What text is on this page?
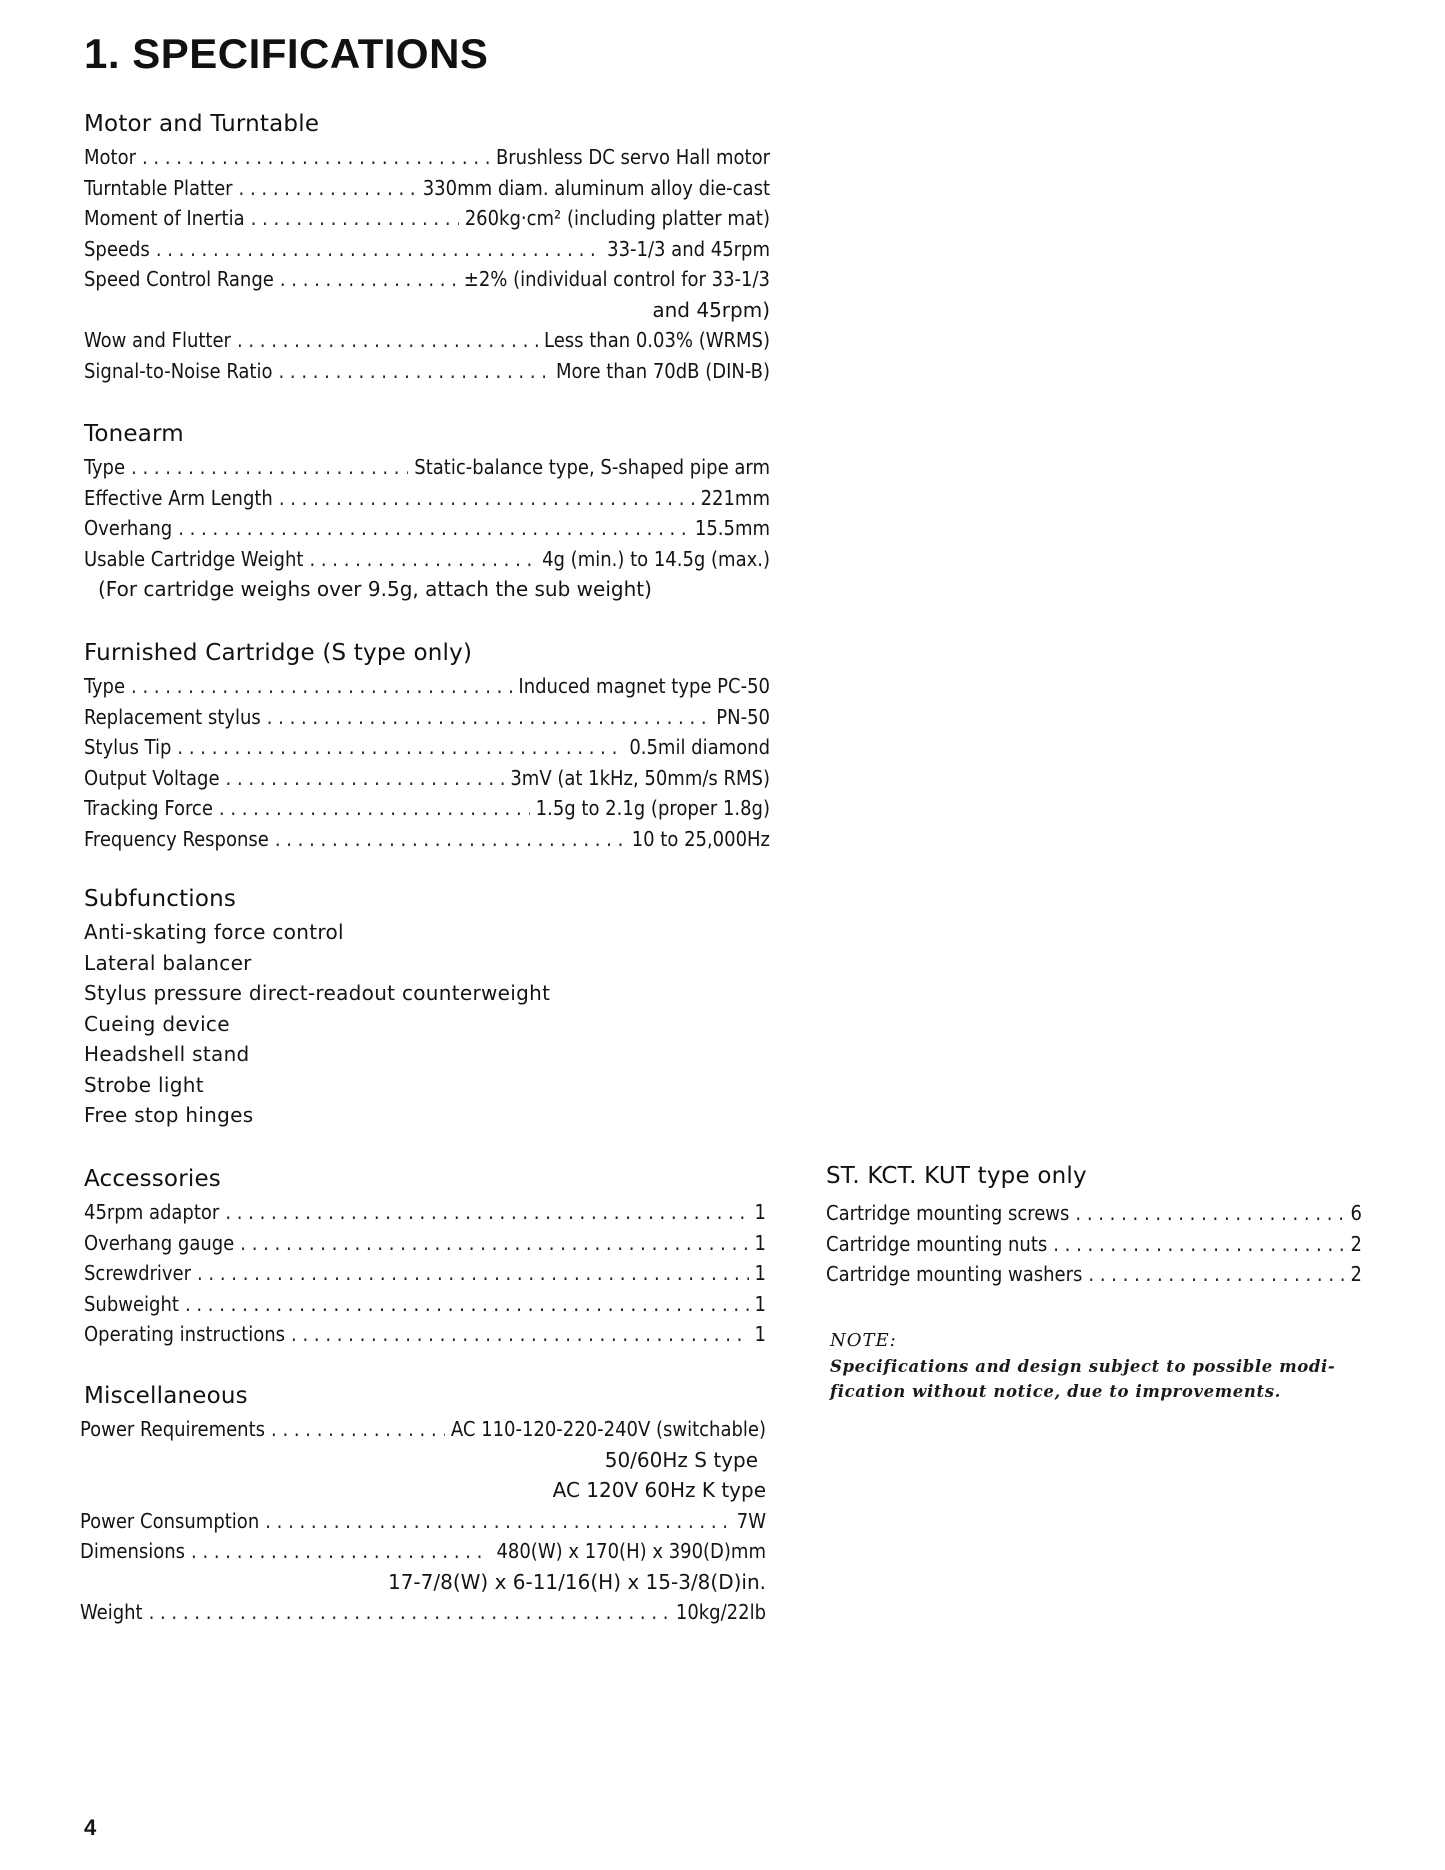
1. SPECIFICATIONS
Motor and Turntable
Motor . . .	Brushless DC servo Hall motor
Turntable Platter . . .	330mm diam. aluminum alloy die-cast
Moment of Inertia . . .	260kg·cm² (including platter mat)
Speeds . . .	33-1/3 and 45rpm
Speed Control Range . . .	±2% (individual control for 33-1/3
and 45rpm)
Wow and Flutter . . .	Less than 0.03% (WRMS)
Signal-to-Noise Ratio . . .	More than 70dB (DIN-B)
Tonearm
Type . . .	Static-balance type, S-shaped pipe arm
Effective Arm Length . . .	221mm
Overhang . . .	15.5mm
Usable Cartridge Weight . . .	4g (min.) to 14.5g (max.)
(For cartridge weighs over 9.5g, attach the sub weight)
Furnished Cartridge (S type only)
Type . . .	Induced magnet type PC-50
Replacement stylus . . .	PN-50
Stylus Tip . . .	0.5mil diamond
Output Voltage . . .	3mV (at 1kHz, 50mm/s RMS)
Tracking Force . . .	1.5g to 2.1g (proper 1.8g)
Frequency Response . . .	10 to 25,000Hz
Subfunctions
Anti-skating force control
Lateral balancer
Stylus pressure direct-readout counterweight
Cueing device
Headshell stand
Strobe light
Free stop hinges
Accessories
45rpm adaptor . . .	1
Overhang gauge . . .	1
Screwdriver . . .	1
Subweight . . .	1
Operating instructions . . .	1
Miscellaneous
Power Requirements . . .	AC 110-120-220-240V (switchable)
50/60Hz S type
AC 120V 60Hz K type
Power Consumption . . .	7W
Dimensions . . .	480(W) x 170(H) x 390(D)mm
17-7/8(W) x 6-11/16(H) x 15-3/8(D)in.
Weight . . .	10kg/22lb
ST. KCT. KUT type only
Cartridge mounting screws . . .	6
Cartridge mounting nuts . . .	2
Cartridge mounting washers . . .	2
NOTE:
Specifications and design subject to possible modi-
fication without notice, due to improvements.
4
